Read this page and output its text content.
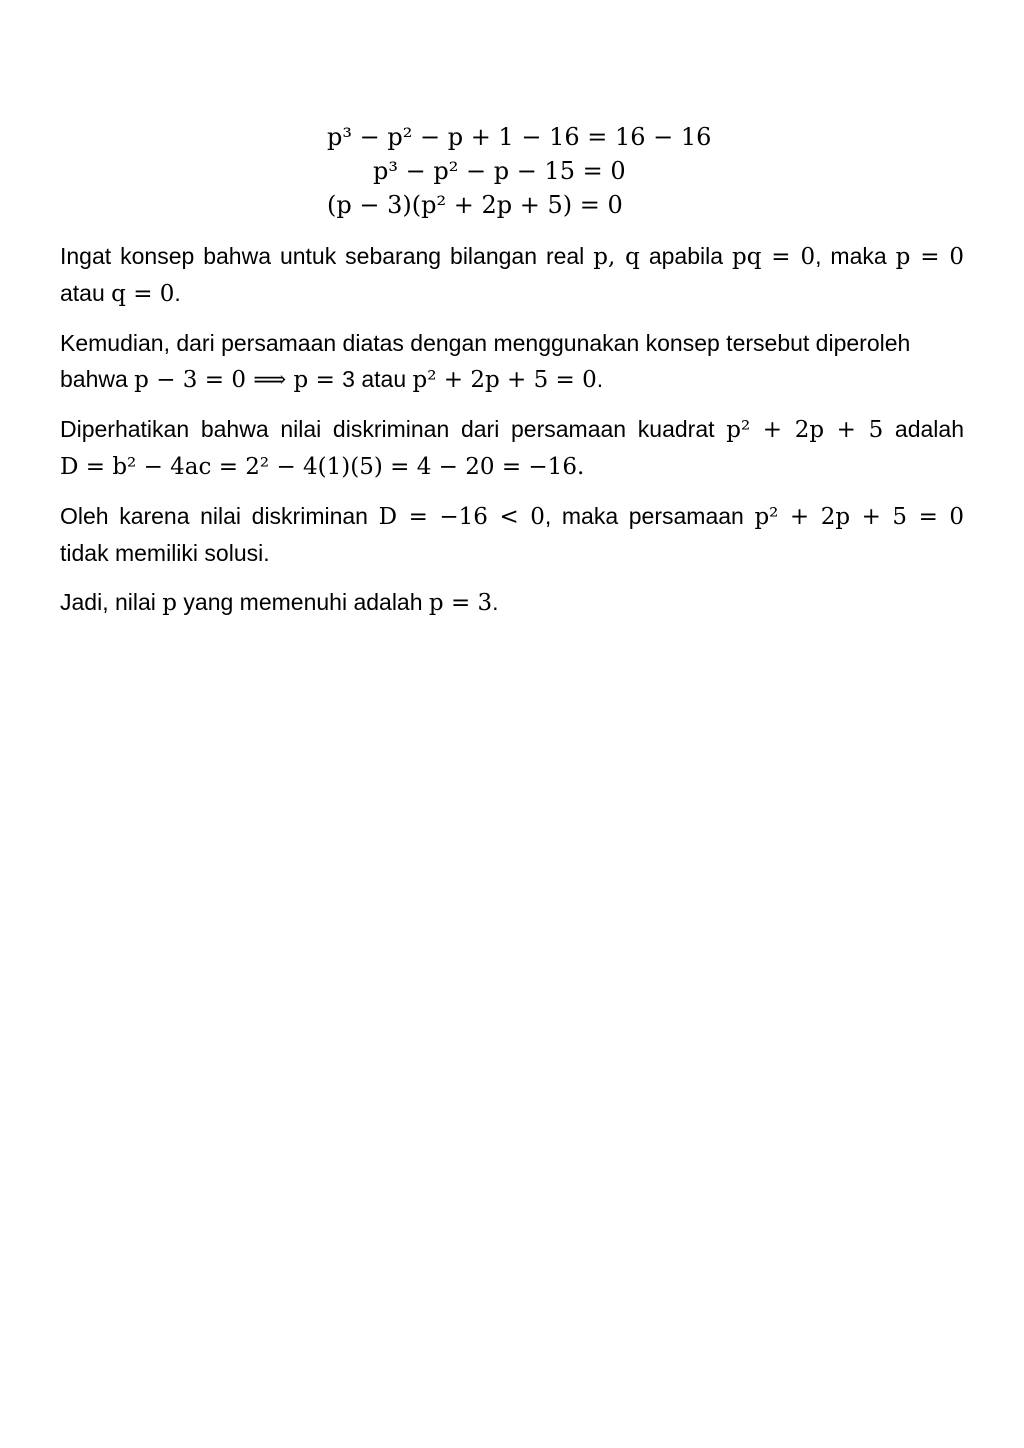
p³ − p² − p + 1 − 16 = 16 − 16
p³ − p² − p − 15 = 0
(p − 3)(p² + 2p + 5) = 0

Ingat konsep bahwa untuk sebarang bilangan real p, q apabila pq = 0, maka p = 0
atau q = 0.

Kemudian, dari persamaan diatas dengan menggunakan konsep tersebut diperoleh
bahwa p − 3 = 0 ⟹ p = 3 atau p² + 2p + 5 = 0.

Diperhatikan bahwa nilai diskriminan dari persamaan kuadrat p² + 2p + 5 adalah
D = b² − 4ac = 2² − 4(1)(5) = 4 − 20 = −16.

Oleh karena nilai diskriminan D = −16 < 0, maka persamaan p² + 2p + 5 = 0
tidak memiliki solusi.

Jadi, nilai p yang memenuhi adalah p = 3.
